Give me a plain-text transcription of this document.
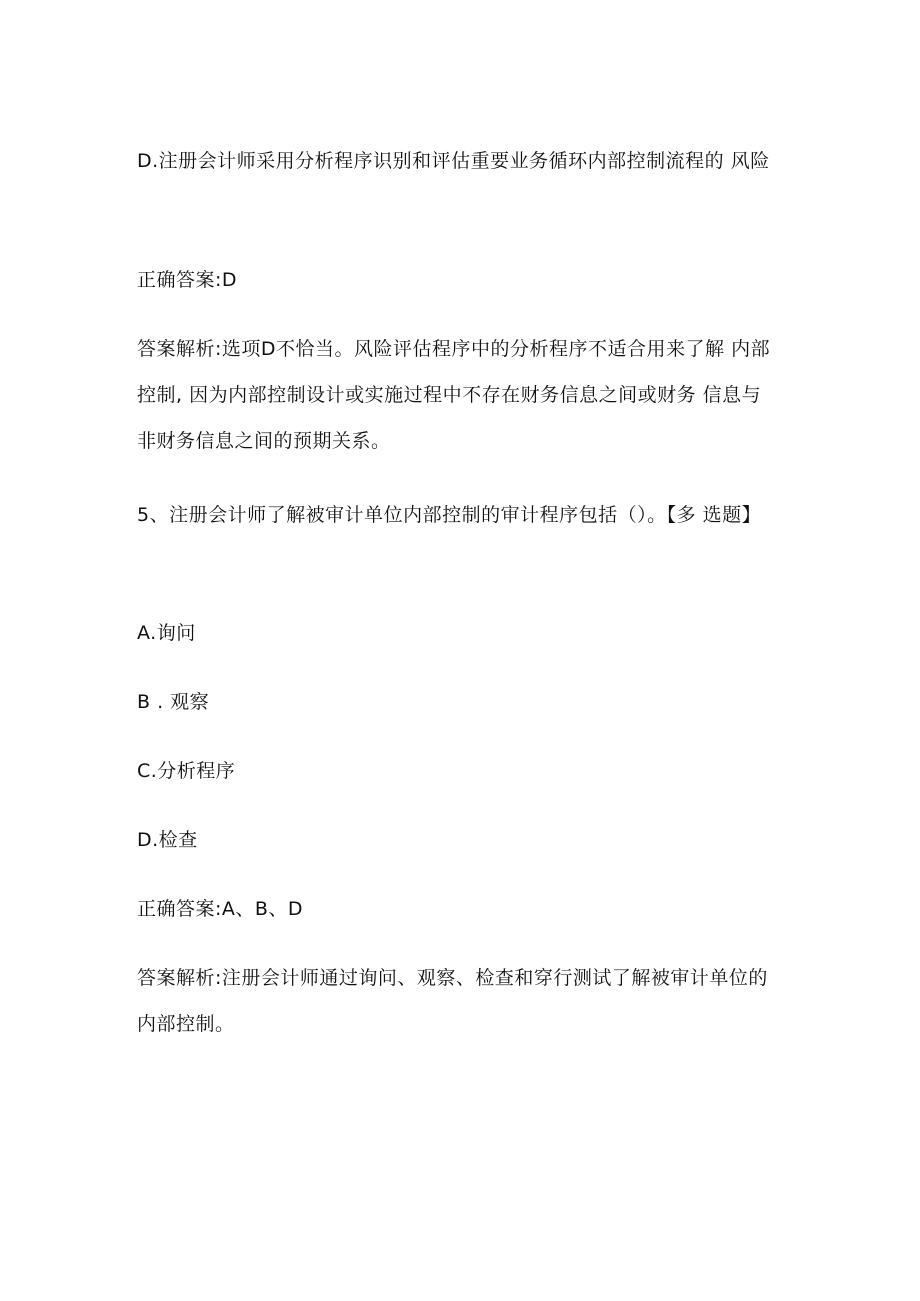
D.注册会计师采用分析程序识别和评估重要业务循环内部控制流程的 风险

正确答案:D

答案解析:选项D不恰当。风险评估程序中的分析程序不适合用来了解 内部控制, 因为内部控制设计或实施过程中不存在财务信息之间或财务 信息与非财务信息之间的预期关系。

5、注册会计师了解被审计单位内部控制的审计程序包括（）。【多 选题】

A.询问

B . 观察

C.分析程序

D.检查

正确答案:A、B、D

答案解析:注册会计师通过询问、观察、检查和穿行测试了解被审计单位的内部控制。
